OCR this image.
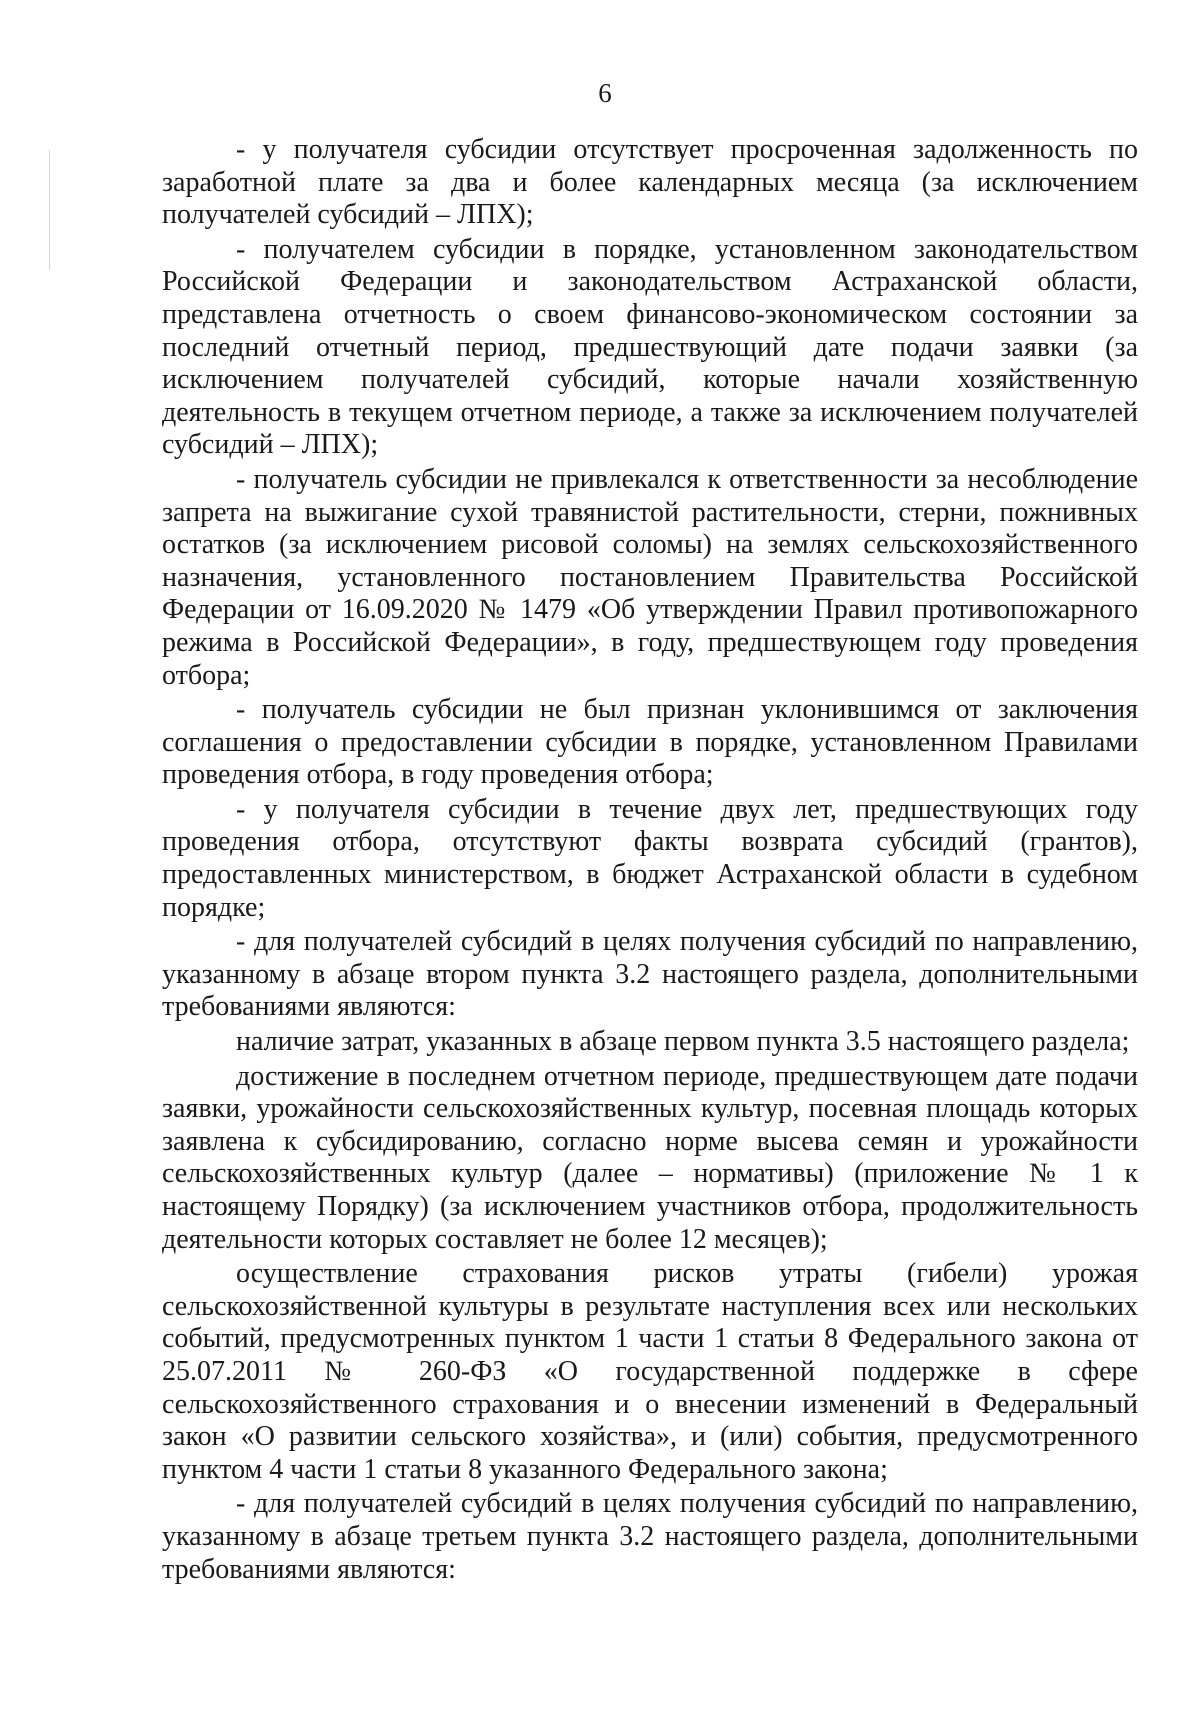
6

- у получателя субсидии отсутствует просроченная задолженность по заработной плате за два и более календарных месяца (за исключением получателей субсидий – ЛПХ);

- получателем субсидии в порядке, установленном законодательством Российской Федерации и законодательством Астраханской области, представлена отчетность о своем финансово-экономическом состоянии за последний отчетный период, предшествующий дате подачи заявки (за исключением получателей субсидий, которые начали хозяйственную деятельность в текущем отчетном периоде, а также за исключением получателей субсидий – ЛПХ);

- получатель субсидии не привлекался к ответственности за несоблюдение запрета на выжигание сухой травянистой растительности, стерни, пожнивных остатков (за исключением рисовой соломы) на землях сельскохозяйственного назначения, установленного постановлением Правительства Российской Федерации от 16.09.2020 № 1479 «Об утверждении Правил противопожарного режима в Российской Федерации», в году, предшествующем году проведения отбора;

- получатель субсидии не был признан уклонившимся от заключения соглашения о предоставлении субсидии в порядке, установленном Правилами проведения отбора, в году проведения отбора;

- у получателя субсидии в течение двух лет, предшествующих году проведения отбора, отсутствуют факты возврата субсидий (грантов), предоставленных министерством, в бюджет Астраханской области в судебном порядке;

- для получателей субсидий в целях получения субсидий по направлению, указанному в абзаце втором пункта 3.2 настоящего раздела, дополнительными требованиями являются:

наличие затрат, указанных в абзаце первом пункта 3.5 настоящего раздела;

достижение в последнем отчетном периоде, предшествующем дате подачи заявки, урожайности сельскохозяйственных культур, посевная площадь которых заявлена к субсидированию, согласно норме высева семян и урожайности сельскохозяйственных культур (далее – нормативы) (приложение № 1 к настоящему Порядку) (за исключением участников отбора, продолжительность деятельности которых составляет не более 12 месяцев);

осуществление страхования рисков утраты (гибели) урожая сельскохозяйственной культуры в результате наступления всех или нескольких событий, предусмотренных пунктом 1 части 1 статьи 8 Федерального закона от 25.07.2011 № 260-ФЗ «О государственной поддержке в сфере сельскохозяйственного страхования и о внесении изменений в Федеральный закон «О развитии сельского хозяйства», и (или) события, предусмотренного пунктом 4 части 1 статьи 8 указанного Федерального закона;

- для получателей субсидий в целях получения субсидий по направлению, указанному в абзаце третьем пункта 3.2 настоящего раздела, дополнительными требованиями являются:
